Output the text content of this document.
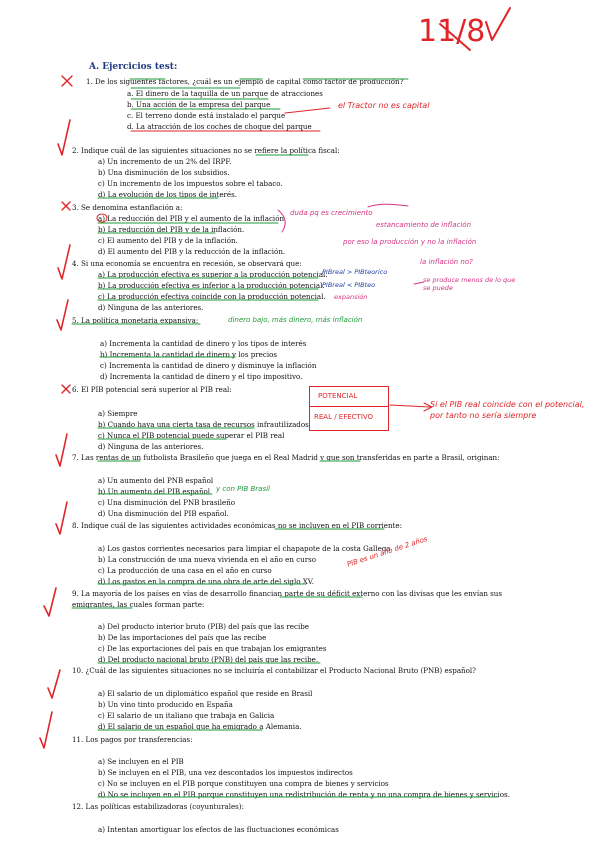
A. Ejercicios test:
1. De los siguientes factores, ¿cuál es un ejemplo de capital como factor de producción?
a. El dinero de la taquilla de un parque de atracciones
b. Una acción de la empresa del parque
c. El terreno donde está instalado el parque
d. La atracción de los coches de choque del parque
2. Indique cuál de las siguientes situaciones no se refiere la política fiscal:
a) Un incremento de un 2% del IRPF.
b) Una disminución de los subsidios.
c) Un incremento de los impuestos sobre el tabaco.
d) La evolución de los tipos de interés.
3. Se denomina estanflación a:
a) La reducción del PIB y el aumento de la inflación
b) La reducción del PIB y de la inflación.
c) El aumento del PIB y de la inflación.
d) El aumento del PIB y la reducción de la inflación.
4. Si una economía se encuentra en recesión, se observará que:
a) La producción efectiva es superior a la producción potencial.
b) La producción efectiva es inferior a la producción potencial.
c) La producción efectiva coincide con la producción potencial.
d) Ninguna de las anteriores.
5. La política monetaria expansiva:
a) Incrementa la cantidad de dinero y los tipos de interés
b) Incrementa la cantidad de dinero y los precios
c) Incrementa la cantidad de dinero y disminuye la inflación
d) Incrementa la cantidad de dinero y el tipo impositivo.
6. El PIB potencial será superior al PIB real:
a) Siempre
b) Cuando haya una cierta tasa de recursos infrautilizados
c) Nunca el PIB potencial puede superar el PIB real
d) Ninguna de las anteriores.
7. Las rentas de un futbolista Brasileño que juega en el Real Madrid y que son transferidas en parte a Brasil, originan:
a) Un aumento del PNB español
b) Un aumento del PIB español
c) Una disminución del PNB brasileño
d) Una disminución del PIB español.
8. Indique cuál de las siguientes actividades económicas no se incluyen en el PIB corriente:
a) Los gastos corrientes necesarios para limpiar el chapapote de la costa Gallega
b) La construcción de una nueva vivienda en el año en curso
c) La producción de una casa en el año en curso
d) Los gastos en la compra de una obra de arte del siglo XV.
9. La mayoría de los países en vías de desarrollo financian parte de su déficit externo con las divisas que les envían sus
emigrantes, las cuales forman parte:
a) Del producto interior bruto (PIB) del país que las recibe
b) De las importaciones del país que las recibe
c) De las exportaciones del país en que trabajan los emigrantes
d) Del producto nacional bruto (PNB) del país que las recibe.
10. ¿Cuál de las siguientes situaciones no se incluiría el contabilizar el Producto Nacional Bruto (PNB) español?
a) El salario de un diplomático español que reside en Brasil
b) Un vino tinto producido en España
c) El salario de un italiano que trabaja en Galicia
d) El salario de un español que ha emigrado a Alemania.
11. Los pagos por transferencias:
a) Se incluyen en el PIB
b) Se incluyen en el PIB, una vez descontados los impuestos indirectos
c) No se incluyen en el PIB porque constituyen una compra de bienes y servicios
d) No se incluyen en el PIB porque constituyen una redistribución de renta y no una compra de bienes y servicios.
12. Las políticas estabilizadoras (coyunturales):
a) Intentan amortiguar los efectos de las fluctuaciones económicas
11/8
el Tractor no es capital
duda pq es crecimiento
estancamiento de inflación
por eso la producción y no la inflación
la inflación no?
PIBreal > PIBteorico
PIBreal < PIBteo
se produce menos de lo que se puede
expansión
dinero bajo, más dinero, más inflación
POTENCIAL
REAL / EFECTIVO
Si el PIB real coincide con el potencial, por tanto no sería siempre
y con PIB Brasil
PIB es un año de 2 años
